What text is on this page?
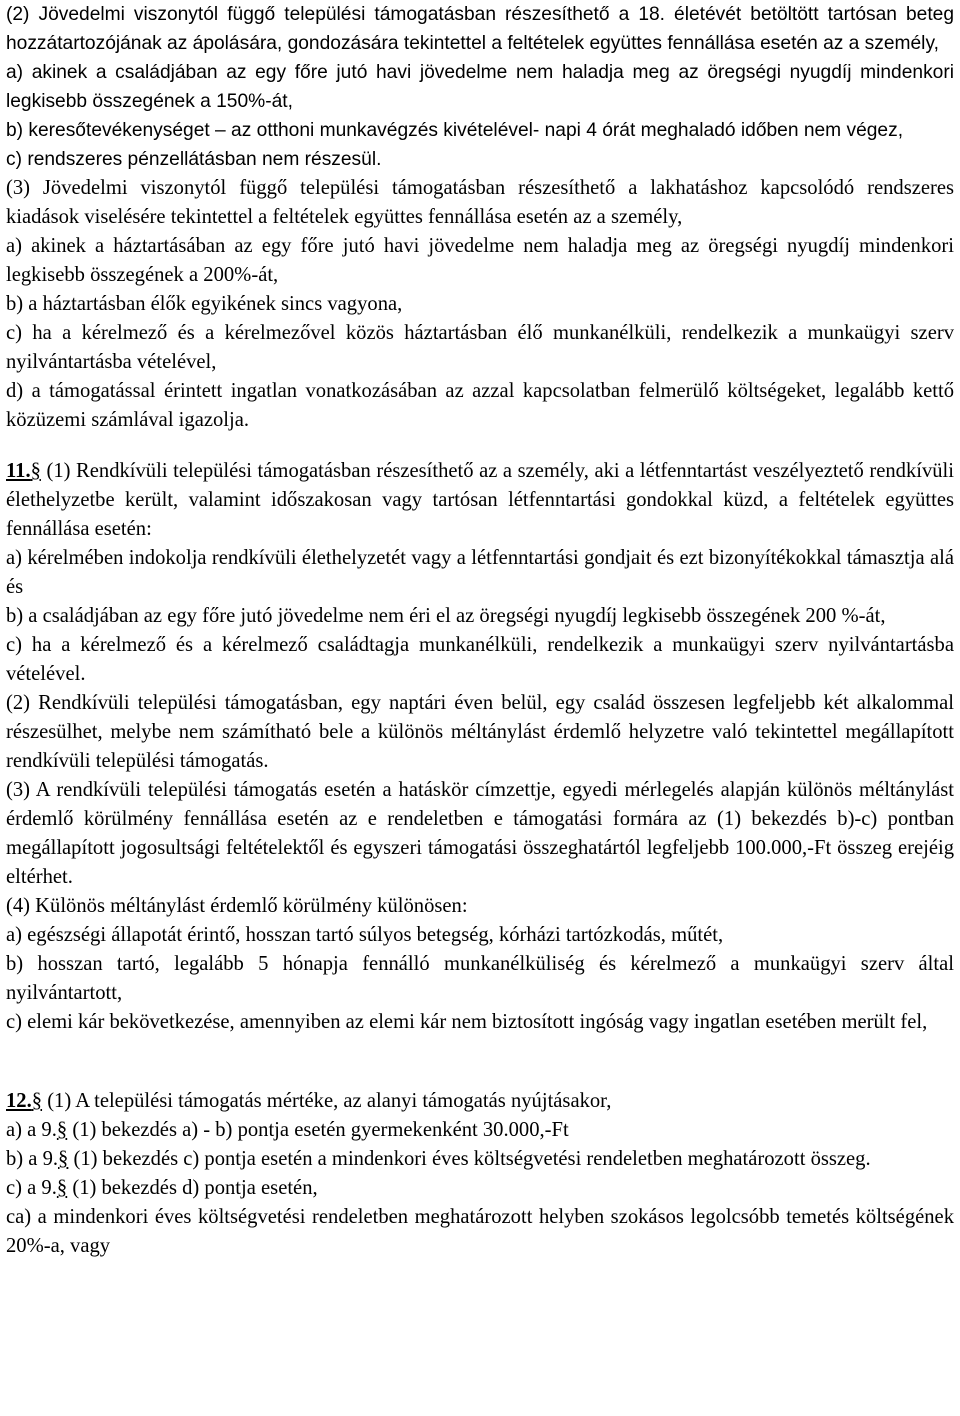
(2) Jövedelmi viszonytól függő települési támogatásban részesíthető a 18. életévét betöltött tartósan beteg hozzátartozójának az ápolására, gondozására tekintettel a feltételek együttes fennállása esetén az a személy,

a) akinek a családjában az egy főre jutó havi jövedelme nem haladja meg az öregségi nyugdíj mindenkori legkisebb összegének a 150%-át,

b) keresőtevékenységet – az otthoni munkavégzés kivételével- napi 4 órát meghaladó időben nem végez,

c) rendszeres pénzellátásban nem részesül.

(3) Jövedelmi viszonytól függő települési támogatásban részesíthető a lakhatáshoz kapcsolódó rendszeres kiadások viselésére tekintettel a feltételek együttes fennállása esetén az a személy,

a) akinek a háztartásában az egy főre jutó havi jövedelme nem haladja meg az öregségi nyugdíj mindenkori legkisebb összegének a 200%-át,

b) a háztartásban élők egyikének sincs vagyona,

c) ha a kérelmező és a kérelmezővel közös háztartásban élő munkanélküli, rendelkezik a munkaügyi szerv nyilvántartásba vételével,

d) a támogatással érintett ingatlan vonatkozásában az azzal kapcsolatban felmerülő költségeket, legalább kettő közüzemi számlával igazolja.

11.§ (1) Rendkívüli települési támogatásban részesíthető az a személy, aki a létfenntartást veszélyeztető rendkívüli élethelyzetbe került, valamint időszakosan vagy tartósan létfenntartási gondokkal küzd, a feltételek együttes fennállása esetén:

a) kérelmében indokolja rendkívüli élethelyzetét vagy a létfenntartási gondjait és ezt bizonyítékokkal támasztja alá és

b) a családjában az egy főre jutó jövedelme nem éri el az öregségi nyugdíj legkisebb összegének 200 %-át,

c) ha a kérelmező és a kérelmező családtagja munkanélküli, rendelkezik a munkaügyi szerv nyilvántartásba vételével.

(2) Rendkívüli települési támogatásban, egy naptári éven belül, egy család összesen legfeljebb két alkalommal részesülhet, melybe nem számítható bele a különös méltánylást érdemlő helyzetre való tekintettel megállapított rendkívüli települési támogatás.

(3) A rendkívüli települési támogatás esetén a hatáskör címzettje, egyedi mérlegelés alapján különös méltánylást érdemlő körülmény fennállása esetén az e rendeletben e támogatási formára az (1) bekezdés b)-c) pontban megállapított jogosultsági feltételektől és egyszeri támogatási összeghatártól legfeljebb 100.000,-Ft összeg erejéig eltérhet.

(4) Különös méltánylást érdemlő körülmény különösen:

a) egészségi állapotát érintő, hosszan tartó súlyos betegség, kórházi tartózkodás, műtét,

b) hosszan tartó, legalább 5 hónapja fennálló munkanélküliség és kérelmező a munkaügyi szerv által nyilvántartott,

c) elemi kár bekövetkezése, amennyiben az elemi kár nem biztosított ingóság vagy ingatlan esetében merült fel,

12.§ (1) A települési támogatás mértéke, az alanyi támogatás nyújtásakor,

a) a 9.§ (1) bekezdés a) - b) pontja esetén gyermekenként 30.000,-Ft

b) a 9.§ (1) bekezdés c) pontja esetén a mindenkori éves költségvetési rendeletben meghatározott összeg.

c) a 9.§ (1) bekezdés d) pontja esetén,

ca) a mindenkori éves költségvetési rendeletben meghatározott helyben szokásos legolcsóbb temetés költségének 20%-a, vagy
